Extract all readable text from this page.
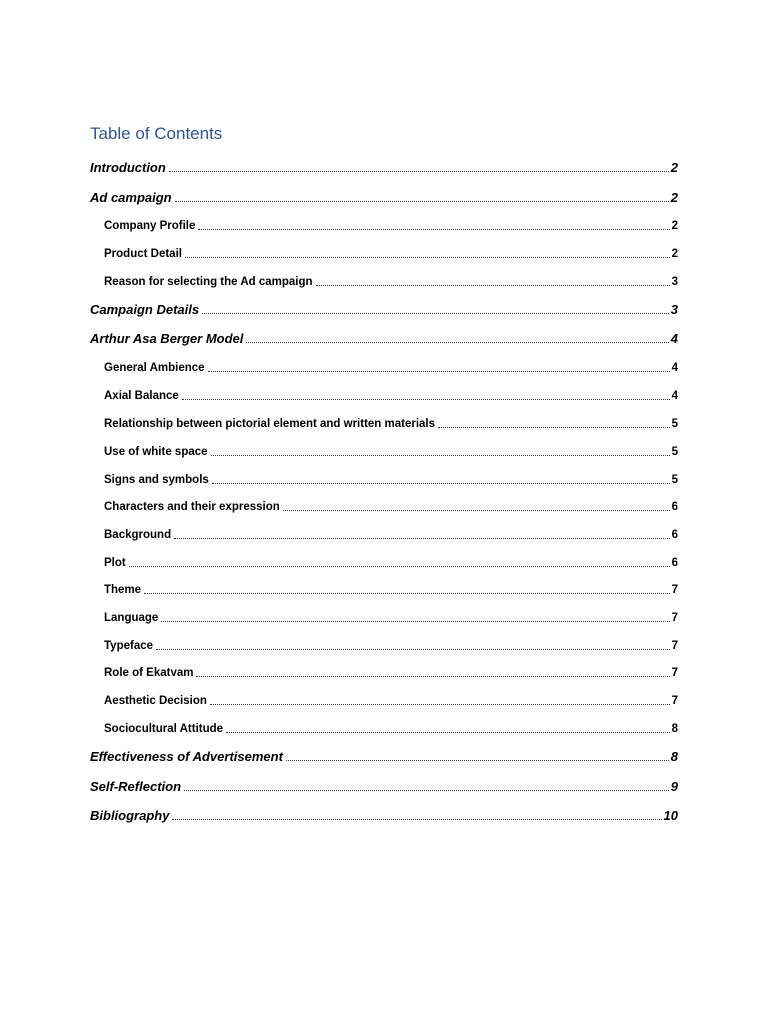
Table of Contents
Introduction	2
Ad campaign	2
Company Profile	2
Product Detail	2
Reason for selecting the Ad campaign	3
Campaign Details	3
Arthur Asa Berger Model	4
General Ambience	4
Axial Balance	4
Relationship between pictorial element and written materials	5
Use of white space	5
Signs and symbols	5
Characters and their expression	6
Background	6
Plot	6
Theme	7
Language	7
Typeface	7
Role of Ekatvam	7
Aesthetic Decision	7
Sociocultural Attitude	8
Effectiveness of Advertisement	8
Self-Reflection	9
Bibliography	10
